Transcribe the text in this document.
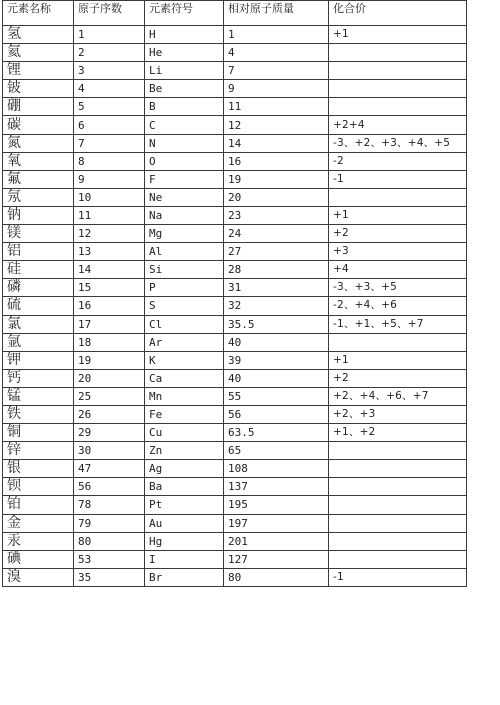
元素名称	原子序数	元素符号	相对原子质量	化合价
氢	1	H	1	+1
氦	2	He	4	
锂	3	Li	7	
铍	4	Be	9	
硼	5	B	11	
碳	6	C	12	+2+4
氮	7	N	14	-3、+2、+3、+4、+5
氧	8	O	16	-2
氟	9	F	19	-1
氖	10	Ne	20	
钠	11	Na	23	+1
镁	12	Mg	24	+2
铝	13	Al	27	+3
硅	14	Si	28	+4
磷	15	P	31	-3、+3、+5
硫	16	S	32	-2、+4、+6
氯	17	Cl	35.5	-1、+1、+5、+7
氩	18	Ar	40	
钾	19	K	39	+1
钙	20	Ca	40	+2
锰	25	Mn	55	+2、+4、+6、+7
铁	26	Fe	56	+2、+3
铜	29	Cu	63.5	+1、+2
锌	30	Zn	65	
银	47	Ag	108	
钡	56	Ba	137	
铂	78	Pt	195	
金	79	Au	197	
汞	80	Hg	201	
碘	53	I	127	
溴	35	Br	80	-1
